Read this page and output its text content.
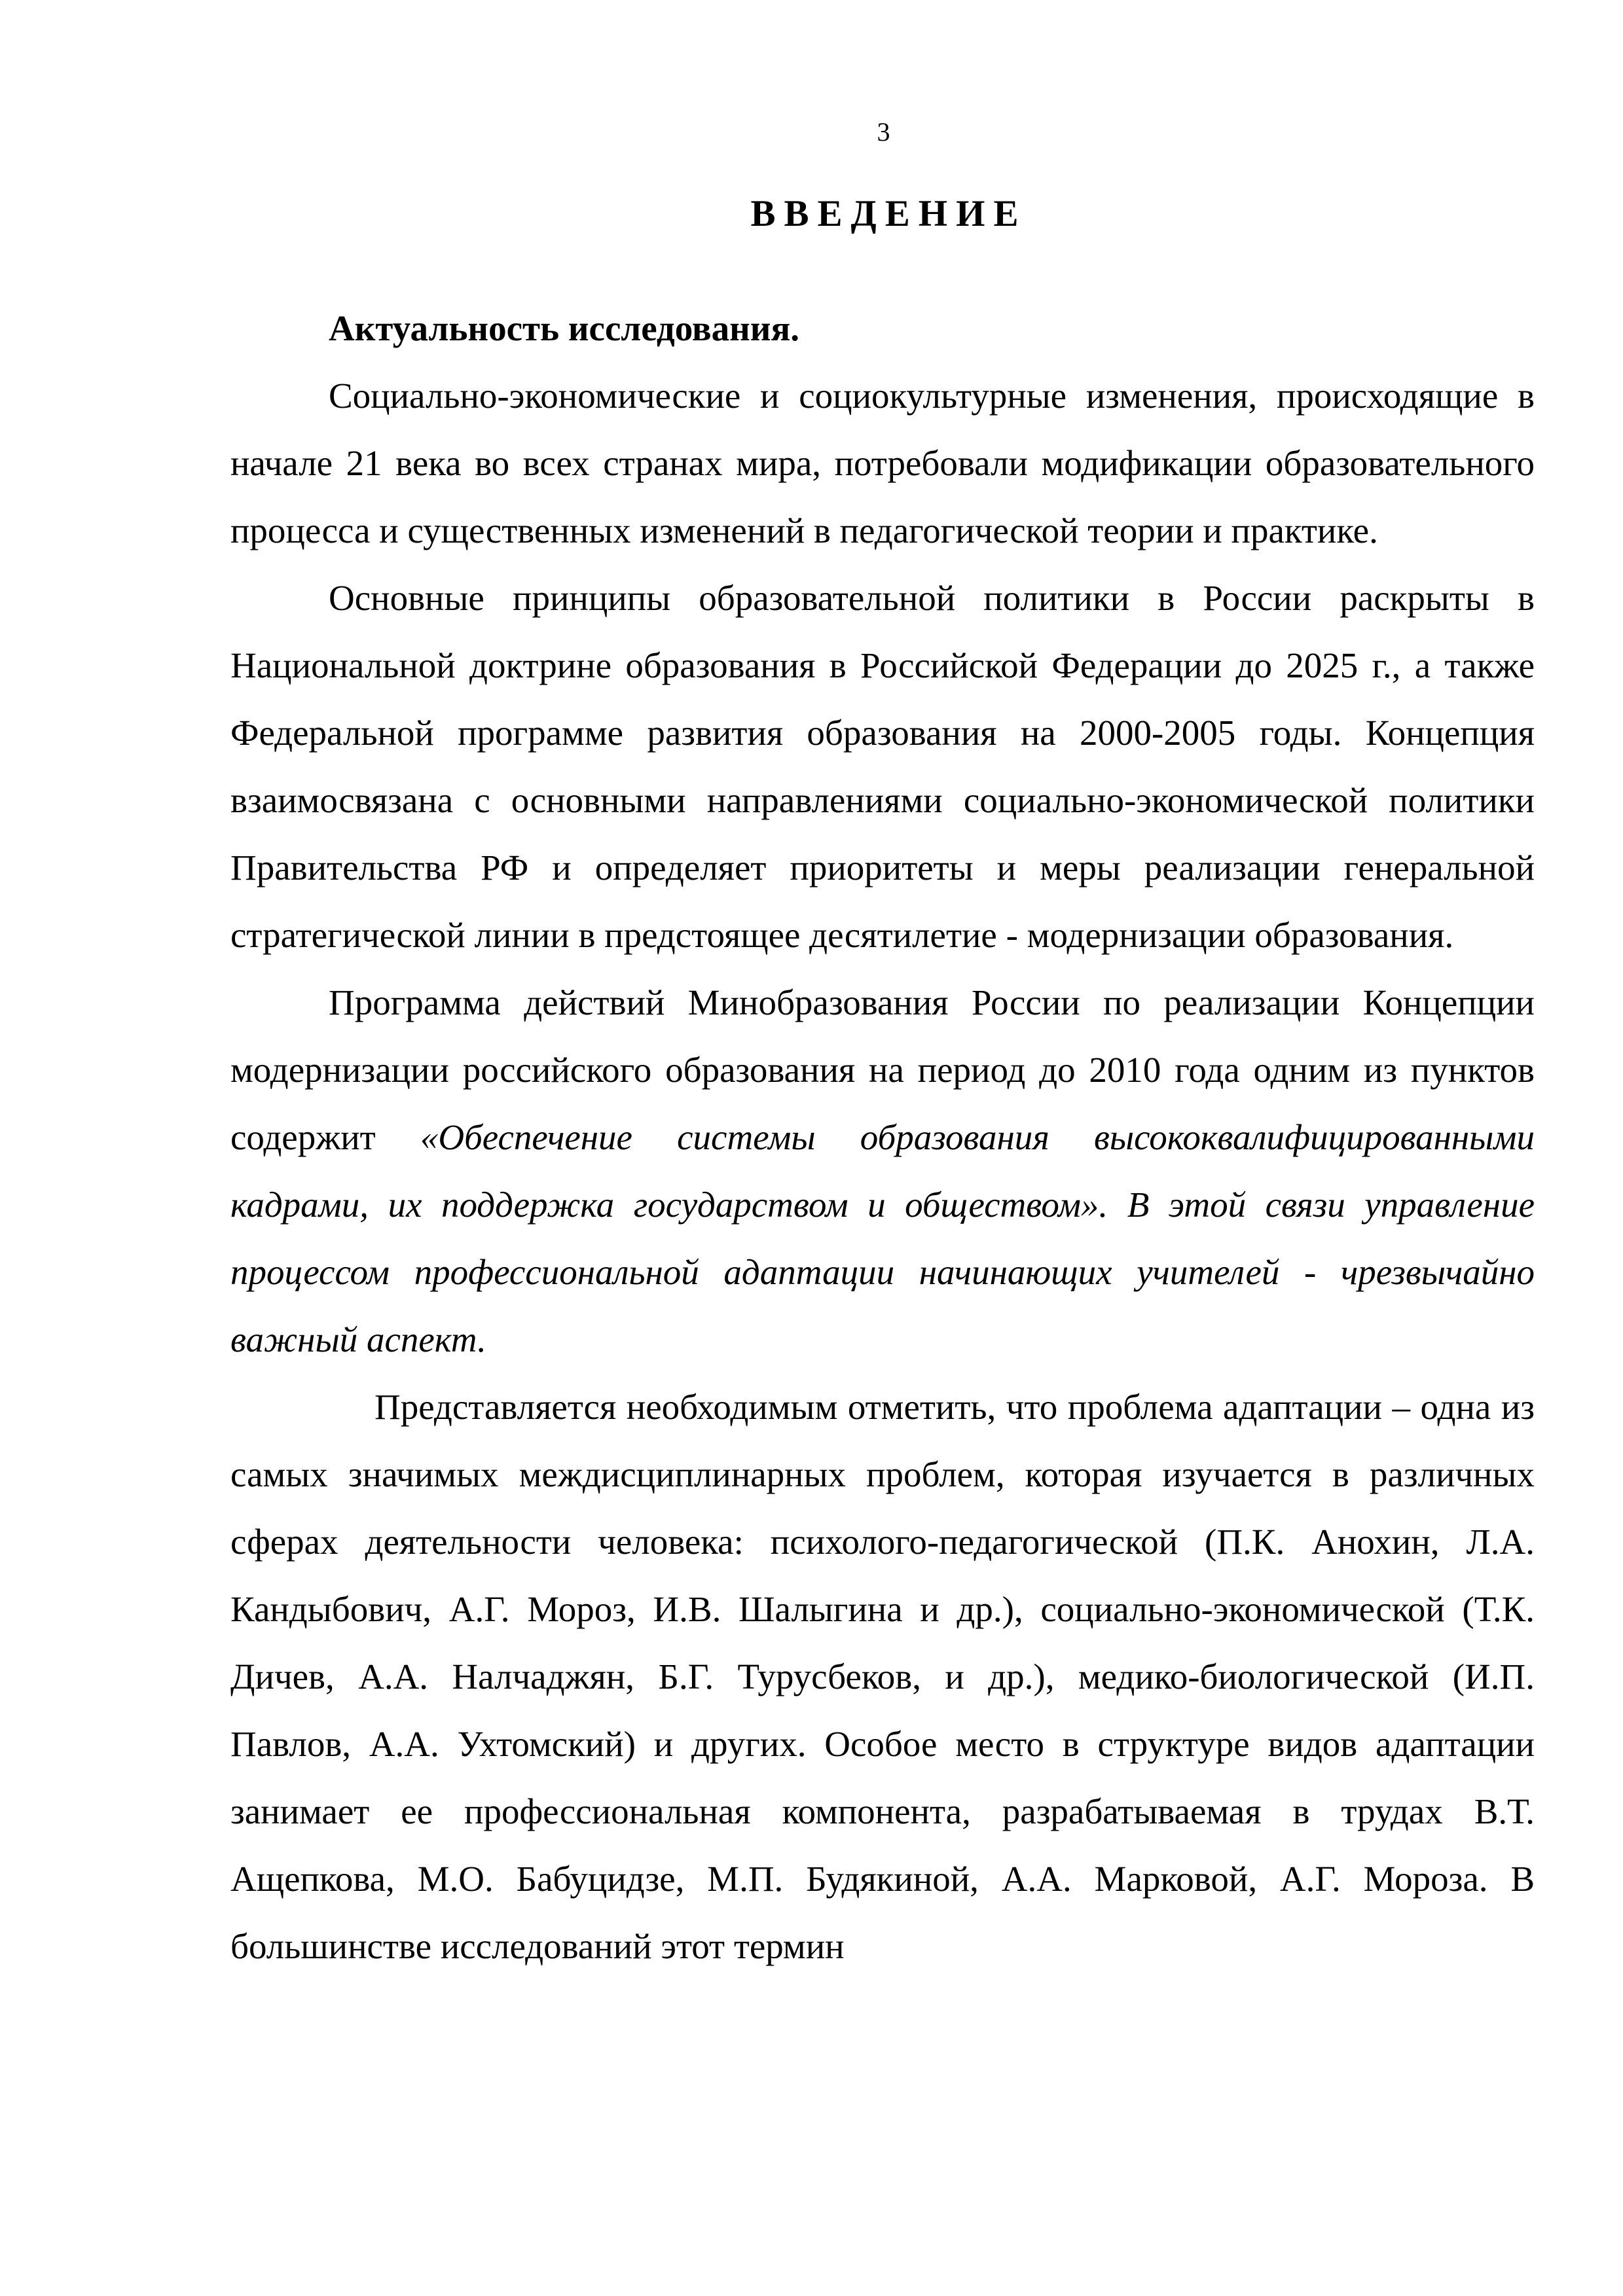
3
ВВЕДЕНИЕ

Актуальность исследования.

Социально-экономические и социокультурные изменения, происходящие в начале 21 века во всех странах мира, потребовали модификации образовательного процесса и существенных изменений в педагогической теории и практике.

Основные принципы образовательной политики в России раскрыты в Национальной доктрине образования в Российской Федерации до 2025 г., а также Федеральной программе развития образования на 2000-2005 годы. Концепция взаимосвязана с основными направлениями социально-экономической политики Правительства РФ и определяет приоритеты и меры реализации генеральной стратегической линии в предстоящее десятилетие - модернизации образования.

Программа действий Минобразования России по реализации Концепции модернизации российского образования на период до 2010 года одним из пунктов содержит «Обеспечение системы образования высококвалифицированными кадрами, их поддержка государством и обществом». В этой связи управление процессом профессиональной адаптации начинающих учителей - чрезвычайно важный аспект.

Представляется необходимым отметить, что проблема адаптации – одна из самых значимых междисциплинарных проблем, которая изучается в различных сферах деятельности человека: психолого-педагогической (П.К. Анохин, Л.А. Кандыбович, А.Г. Мороз, И.В. Шалыгина и др.), социально-экономической (Т.К. Дичев, А.А. Налчаджян, Б.Г. Турусбеков, и др.), медико-биологической (И.П. Павлов, А.А. Ухтомский) и других. Особое место в структуре видов адаптации занимает ее профессиональная компонента, разрабатываемая в трудах В.Т. Ащепкова, М.О. Бабуцидзе, М.П. Будякиной, А.А. Марковой, А.Г. Мороза. В большинстве исследований этот термин
